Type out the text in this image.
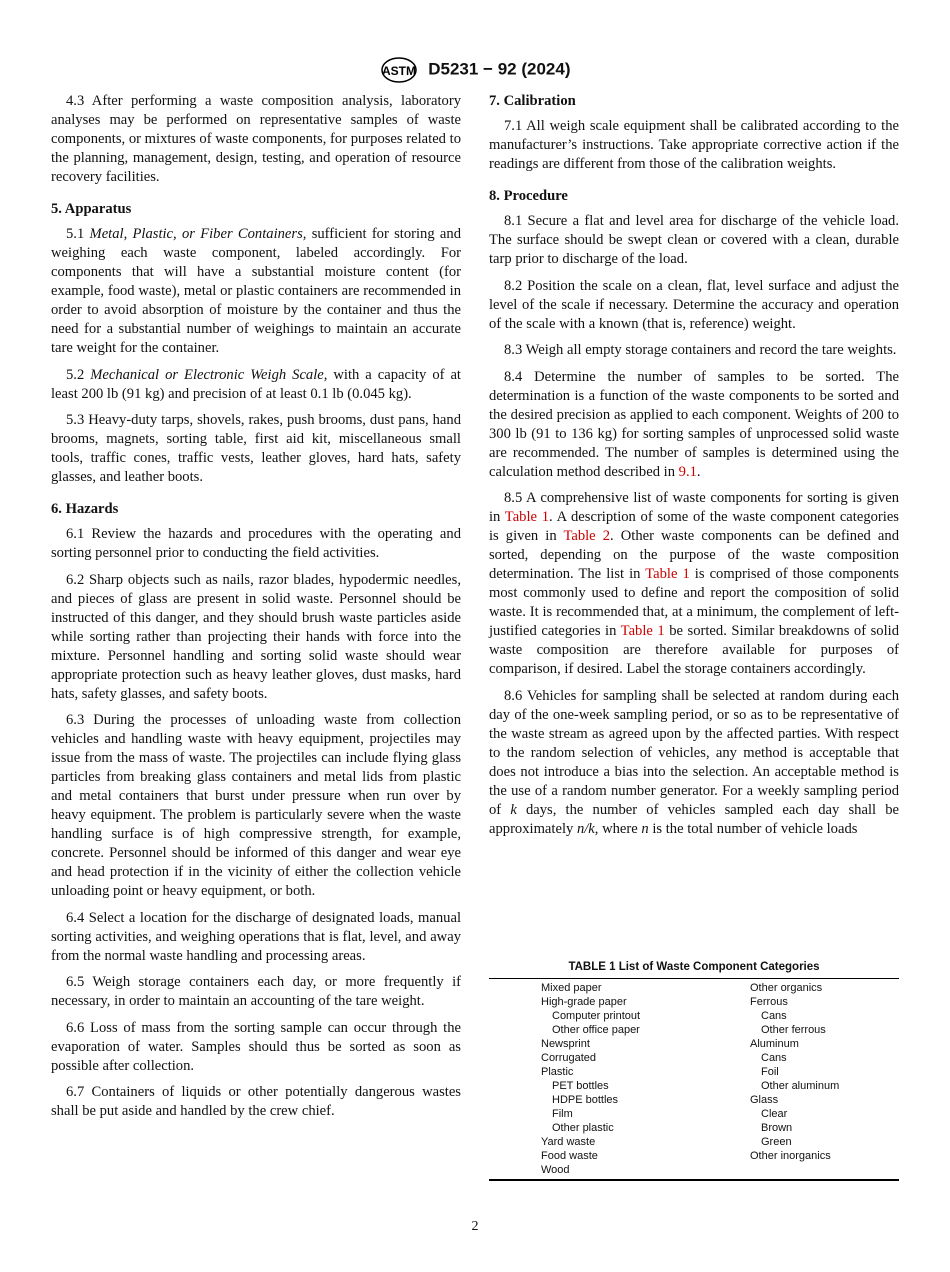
ASTM D5231 − 92 (2024)

4.3 After performing a waste composition analysis, laboratory analyses may be performed on representative samples of waste components, or mixtures of waste components, for purposes related to the planning, management, design, testing, and operation of resource recovery facilities.

5. Apparatus

5.1 Metal, Plastic, or Fiber Containers, sufficient for storing and weighing each waste component, labeled accordingly. For components that will have a substantial moisture content (for example, food waste), metal or plastic containers are recommended in order to avoid absorption of moisture by the container and thus the need for a substantial number of weighings to maintain an accurate tare weight for the container.

5.2 Mechanical or Electronic Weigh Scale, with a capacity of at least 200 lb (91 kg) and precision of at least 0.1 lb (0.045 kg).

5.3 Heavy-duty tarps, shovels, rakes, push brooms, dust pans, hand brooms, magnets, sorting table, first aid kit, miscellaneous small tools, traffic cones, traffic vests, leather gloves, hard hats, safety glasses, and leather boots.

6. Hazards

6.1 Review the hazards and procedures with the operating and sorting personnel prior to conducting the field activities.

6.2 Sharp objects such as nails, razor blades, hypodermic needles, and pieces of glass are present in solid waste. Personnel should be instructed of this danger, and they should brush waste particles aside while sorting rather than projecting their hands with force into the mixture. Personnel handling and sorting solid waste should wear appropriate protection such as heavy leather gloves, dust masks, hard hats, safety glasses, and safety boots.

6.3 During the processes of unloading waste from collection vehicles and handling waste with heavy equipment, projectiles may issue from the mass of waste. The projectiles can include flying glass particles from breaking glass containers and metal lids from plastic and metal containers that burst under pressure when run over by heavy equipment. The problem is particularly severe when the waste handling surface is of high compressive strength, for example, concrete. Personnel should be informed of this danger and wear eye and head protection if in the vicinity of either the collection vehicle unloading point or heavy equipment, or both.

6.4 Select a location for the discharge of designated loads, manual sorting activities, and weighing operations that is flat, level, and away from the normal waste handling and processing areas.

6.5 Weigh storage containers each day, or more frequently if necessary, in order to maintain an accounting of the tare weight.

6.6 Loss of mass from the sorting sample can occur through the evaporation of water. Samples should thus be sorted as soon as possible after collection.

6.7 Containers of liquids or other potentially dangerous wastes shall be put aside and handled by the crew chief.

7. Calibration

7.1 All weigh scale equipment shall be calibrated according to the manufacturer’s instructions. Take appropriate corrective action if the readings are different from those of the calibration weights.

8. Procedure

8.1 Secure a flat and level area for discharge of the vehicle load. The surface should be swept clean or covered with a clean, durable tarp prior to discharge of the load.

8.2 Position the scale on a clean, flat, level surface and adjust the level of the scale if necessary. Determine the accuracy and operation of the scale with a known (that is, reference) weight.

8.3 Weigh all empty storage containers and record the tare weights.

8.4 Determine the number of samples to be sorted. The determination is a function of the waste components to be sorted and the desired precision as applied to each component. Weights of 200 to 300 lb (91 to 136 kg) for sorting samples of unprocessed solid waste are recommended. The number of samples is determined using the calculation method described in 9.1.

8.5 A comprehensive list of waste components for sorting is given in Table 1. A description of some of the waste component categories is given in Table 2. Other waste components can be defined and sorted, depending on the purpose of the waste composition determination. The list in Table 1 is comprised of those components most commonly used to define and report the composition of solid waste. It is recommended that, at a minimum, the complement of left-justified categories in Table 1 be sorted. Similar breakdowns of solid waste composition are therefore available for purposes of comparison, if desired. Label the storage containers accordingly.

8.6 Vehicles for sampling shall be selected at random during each day of the one-week sampling period, or so as to be representative of the waste stream as agreed upon by the affected parties. With respect to the random selection of vehicles, any method is acceptable that does not introduce a bias into the selection. An acceptable method is the use of a random number generator. For a weekly sampling period of k days, the number of vehicles sampled each day shall be approximately n/k, where n is the total number of vehicle loads

TABLE 1 List of Waste Component Categories
Mixed paper
High-grade paper
Computer printout
Other office paper
Newsprint
Corrugated
Plastic
PET bottles
HDPE bottles
Film
Other plastic
Yard waste
Food waste
Wood
Other organics
Ferrous
Cans
Other ferrous
Aluminum
Cans
Foil
Other aluminum
Glass
Clear
Brown
Green
Other inorganics
2
